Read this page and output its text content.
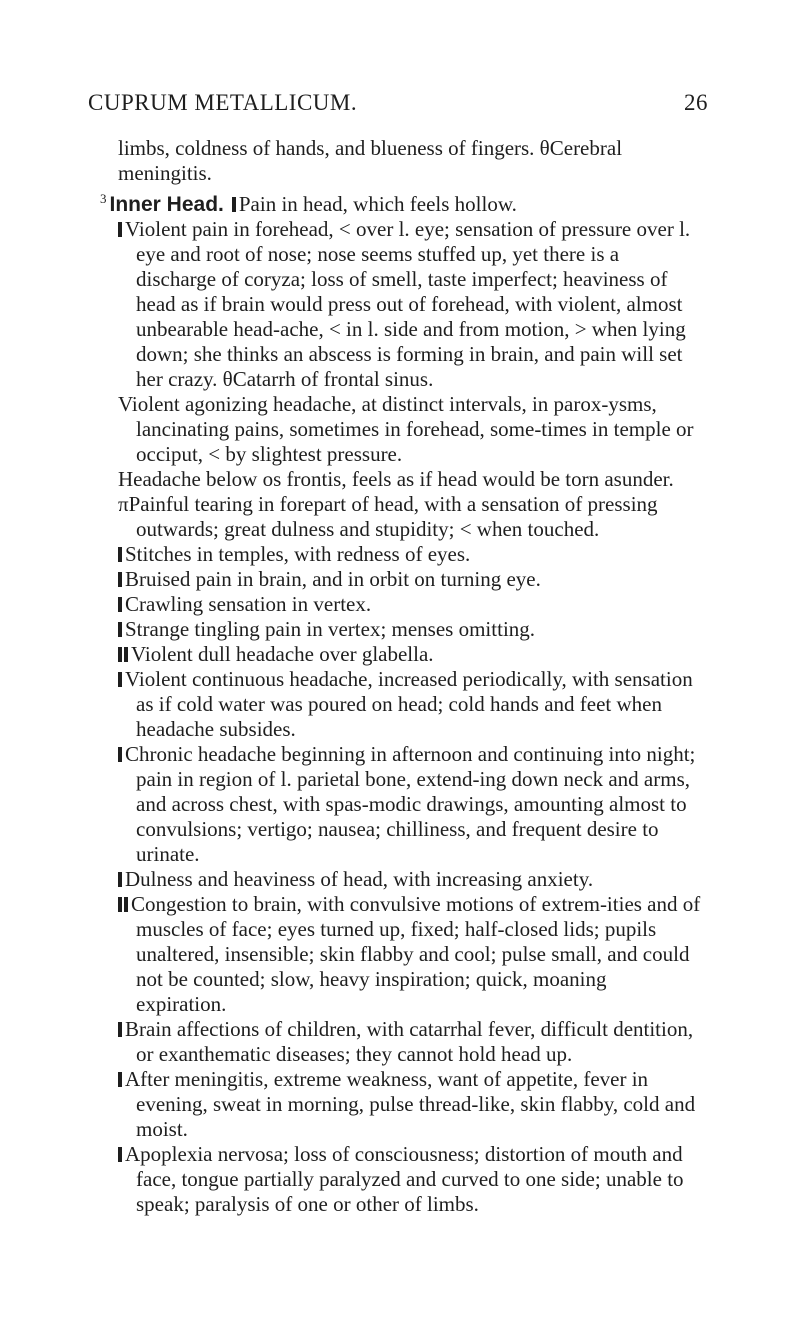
CUPRUM METALLICUM.	26

limbs, coldness of hands, and blueness of fingers. θCerebral meningitis.

$^3$ Inner Head. Pain in head, which feels hollow.

Violent pain in forehead, < over l. eye; sensation of pressure over l. eye and root of nose; nose seems stuffed up, yet there is a discharge of coryza; loss of smell, taste imperfect; heaviness of head as if brain would press out of forehead, with violent, almost unbearable head-ache, < in l. side and from motion, > when lying down; she thinks an abscess is forming in brain, and pain will set her crazy. θCatarrh of frontal sinus.

Violent agonizing headache, at distinct intervals, in parox-ysms, lancinating pains, sometimes in forehead, some-times in temple or occiput, < by slightest pressure.

Headache below os frontis, feels as if head would be torn asunder.

πPainful tearing in forepart of head, with a sensation of pressing outwards; great dulness and stupidity; < when touched.

Stitches in temples, with redness of eyes.

Bruised pain in brain, and in orbit on turning eye.

Crawling sensation in vertex.

Strange tingling pain in vertex; menses omitting.

Violent dull headache over glabella.

Violent continuous headache, increased periodically, with sensation as if cold water was poured on head; cold hands and feet when headache subsides.

Chronic headache beginning in afternoon and continuing into night; pain in region of l. parietal bone, extend-ing down neck and arms, and across chest, with spas-modic drawings, amounting almost to convulsions; vertigo; nausea; chilliness, and frequent desire to urinate.

Dulness and heaviness of head, with increasing anxiety.

Congestion to brain, with convulsive motions of extrem-ities and of muscles of face; eyes turned up, fixed; half-closed lids; pupils unaltered, insensible; skin flabby and cool; pulse small, and could not be counted; slow, heavy inspiration; quick, moaning expiration.

Brain affections of children, with catarrhal fever, difficult dentition, or exanthematic diseases; they cannot hold head up.

After meningitis, extreme weakness, want of appetite, fever in evening, sweat in morning, pulse thread-like, skin flabby, cold and moist.

Apoplexia nervosa; loss of consciousness; distortion of mouth and face, tongue partially paralyzed and curved to one side; unable to speak; paralysis of one or other of limbs.
